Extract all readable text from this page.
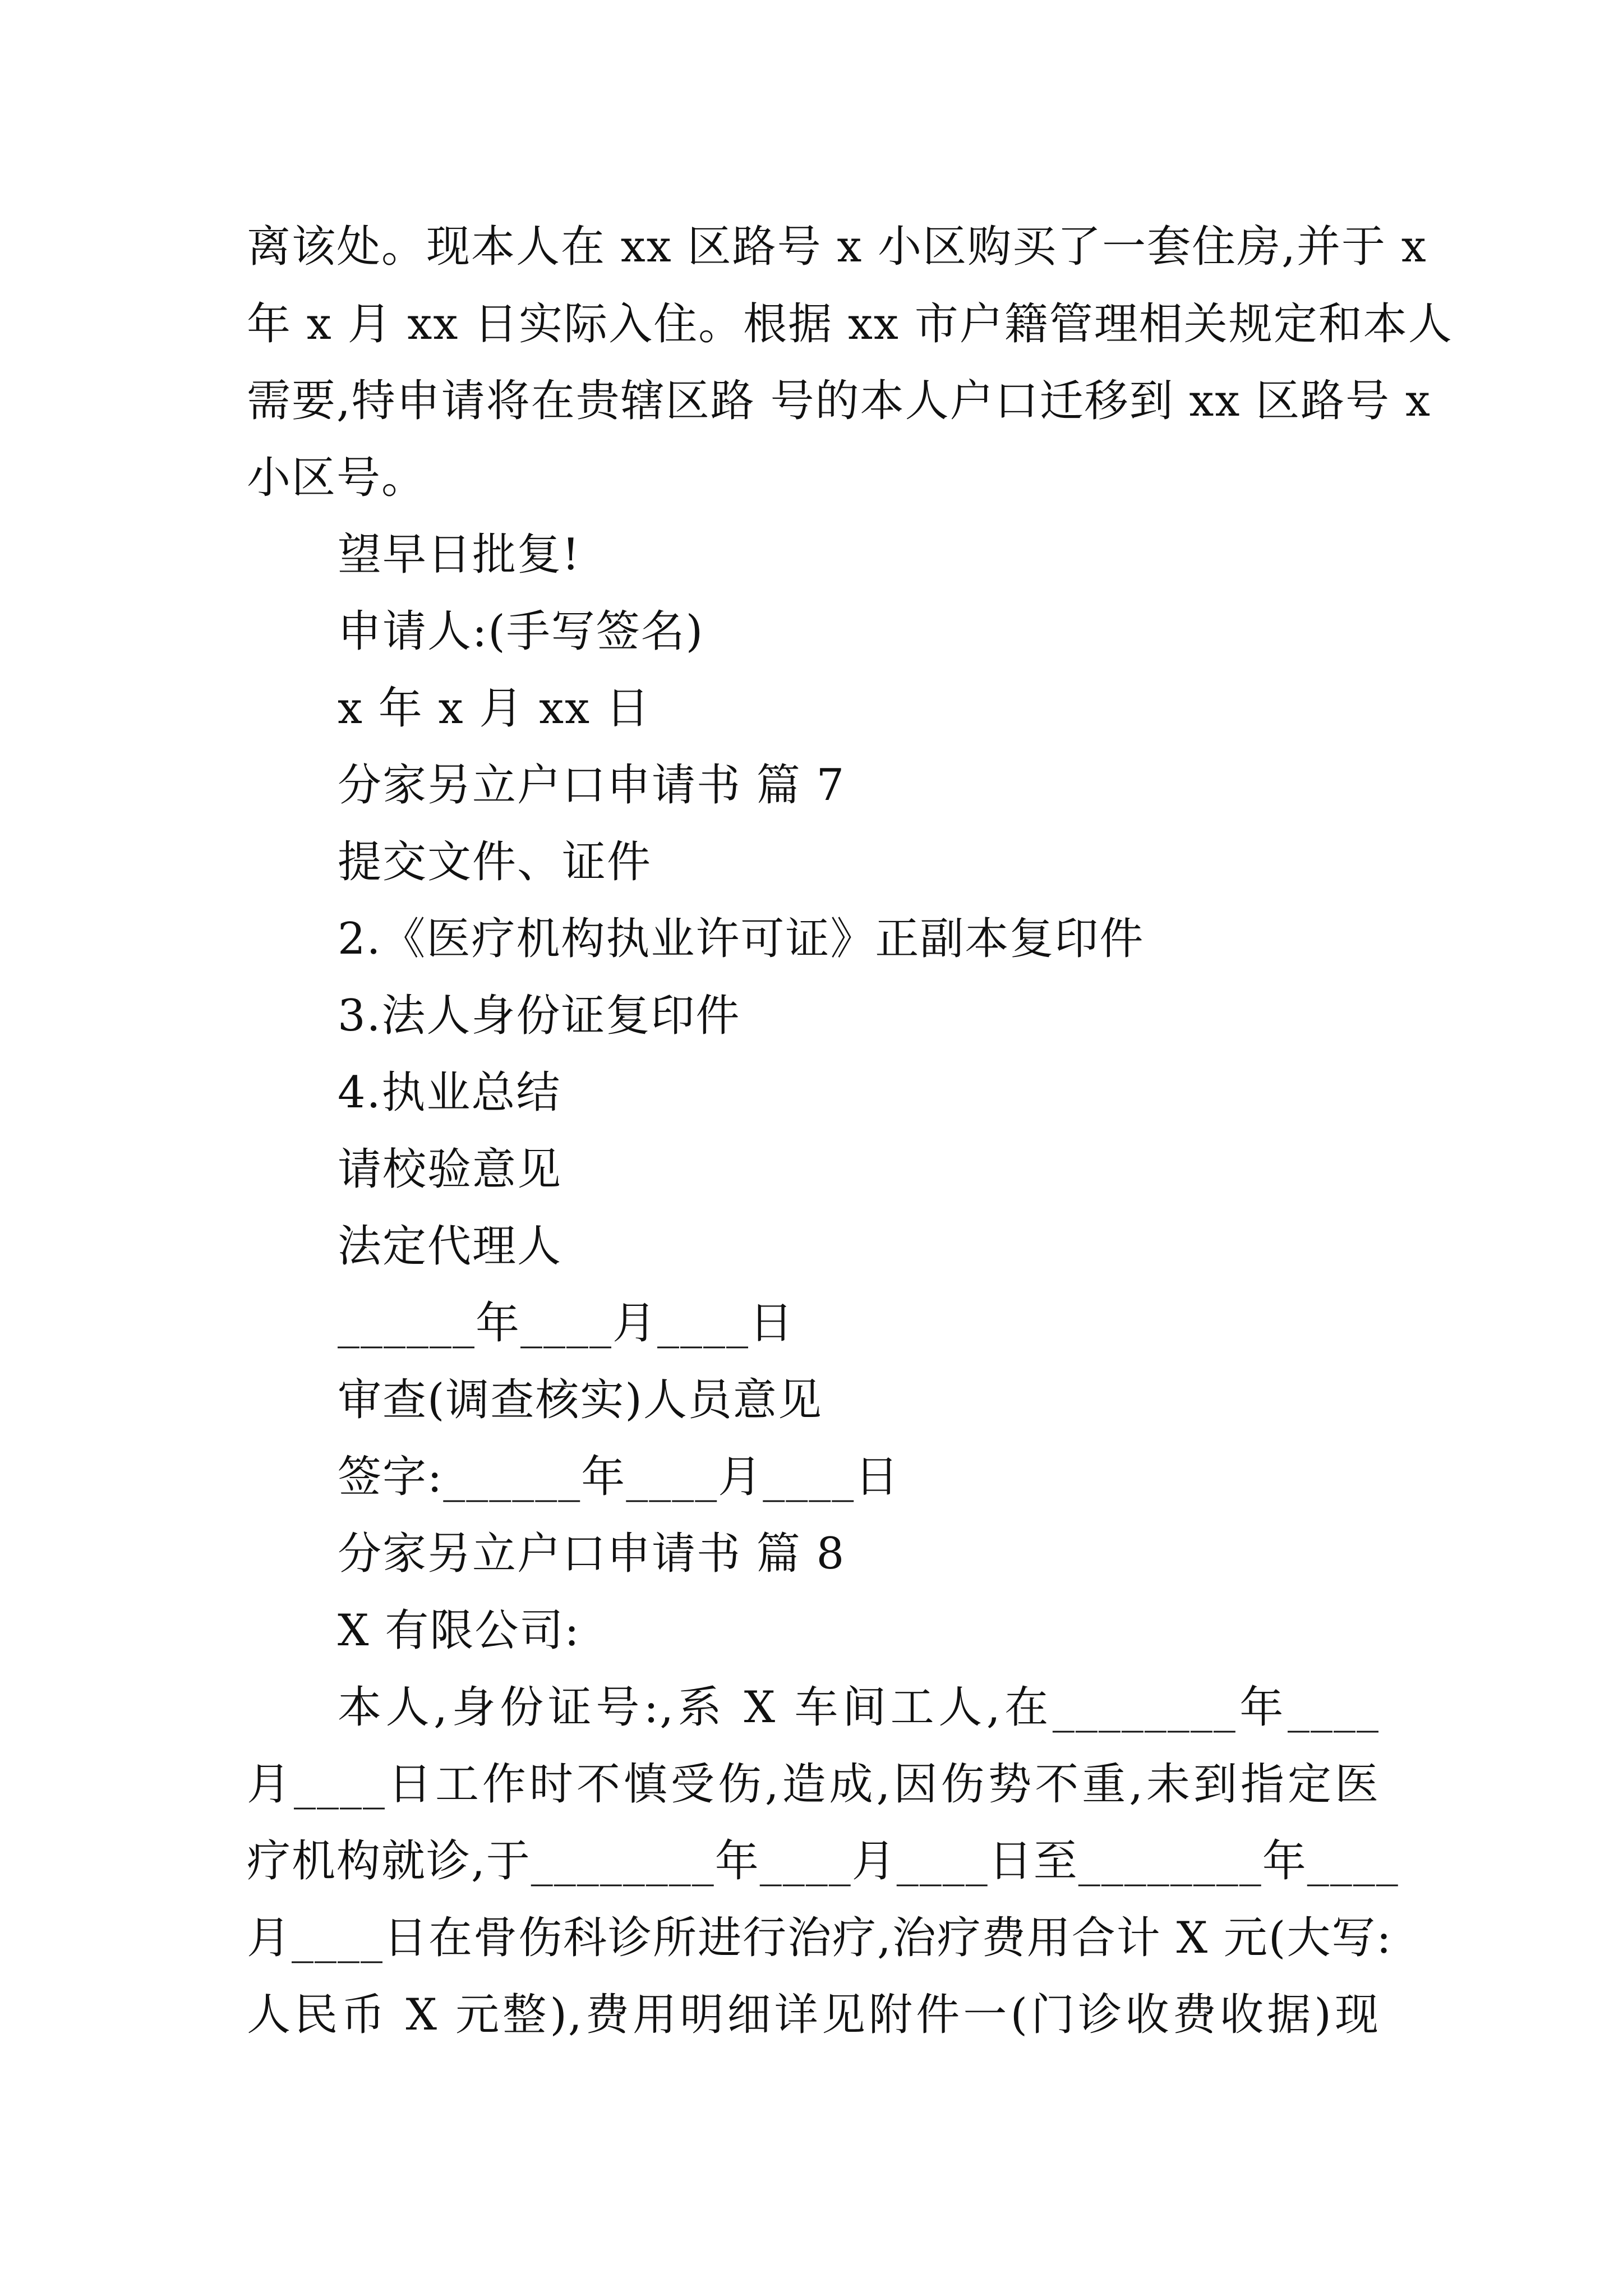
离该处。现本人在 xx 区路号 x 小区购买了一套住房,并于 x
年 x 月 xx 日实际入住。根据 xx 市户籍管理相关规定和本人
需要,特申请将在贵辖区路 号的本人户口迁移到 xx 区路号 x
小区号。
望早日批复!
申请人:(手写签名)
x 年 x 月 xx 日
分家另立户口申请书 篇 7
提交文件、证件
2.《医疗机构执业许可证》正副本复印件
3.法人身份证复印件
4.执业总结
请校验意见
法定代理人
______年____月____日
审查(调查核实)人员意见
签字:______年____月____日
分家另立户口申请书 篇 8
X 有限公司:
本人,身份证号:,系 X 车间工人,在________年____
月____日工作时不慎受伤,造成,因伤势不重,未到指定医
疗机构就诊,于________年____月____日至________年____
月____日在骨伤科诊所进行治疗,治疗费用合计 X 元(大写:
人民币 X 元整),费用明细详见附件一(门诊收费收据)现
